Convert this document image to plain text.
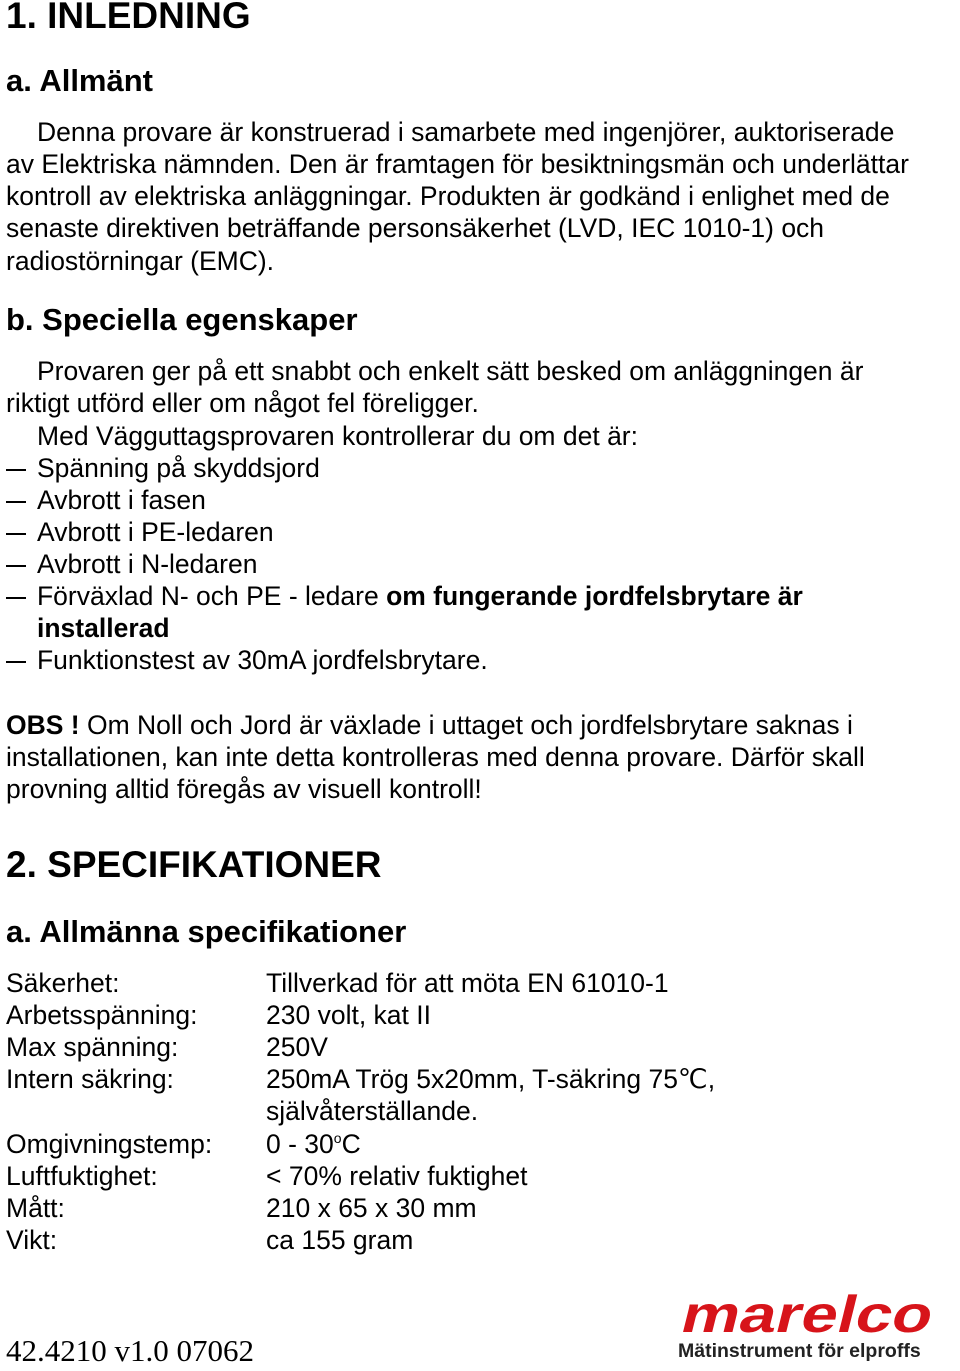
1. INLEDNING
a. Allmänt
Denna provare är konstruerad i samarbete med ingenjörer, auktoriserade
av Elektriska nämnden. Den är framtagen för besiktningsmän och underlättar
kontroll av elektriska anläggningar. Produkten är godkänd i enlighet med de
senaste direktiven beträffande personsäkerhet (LVD, IEC 1010-1) och
radiostörningar (EMC).
b. Speciella egenskaper
Provaren ger på ett snabbt och enkelt sätt besked om anläggningen är
riktigt utförd eller om något fel föreligger.
Med Vägguttagsprovaren kontrollerar du om det är:
Spänning på skyddsjord
Avbrott i fasen
Avbrott i PE-ledaren
Avbrott i N-ledaren
Förväxlad N- och PE - ledare om fungerande jordfelsbrytare är
installerad
Funktionstest av 30mA jordfelsbrytare.
OBS ! Om Noll och Jord är växlade i uttaget och jordfelsbrytare saknas i
installationen, kan inte detta kontrolleras med denna provare. Därför skall
provning alltid föregås av visuell kontroll!
2. SPECIFIKATIONER
a. Allmänna specifikationer
Säkerhet:	Tillverkad för att möta EN 61010-1
Arbetsspänning:	230 volt, kat II
Max spänning:	250V
Intern säkring:	250mA Trög 5x20mm, T-säkring 75℃,
självåterställande.
Omgivningstemp: 0 - 30$^o$C
Luftfuktighet:	< 70% relativ fuktighet
Mått:	210 x 65 x 30 mm
Vikt:	ca 155 gram
42.4210 v1.0 07062
marelco
Mätinstrument för elproffs
